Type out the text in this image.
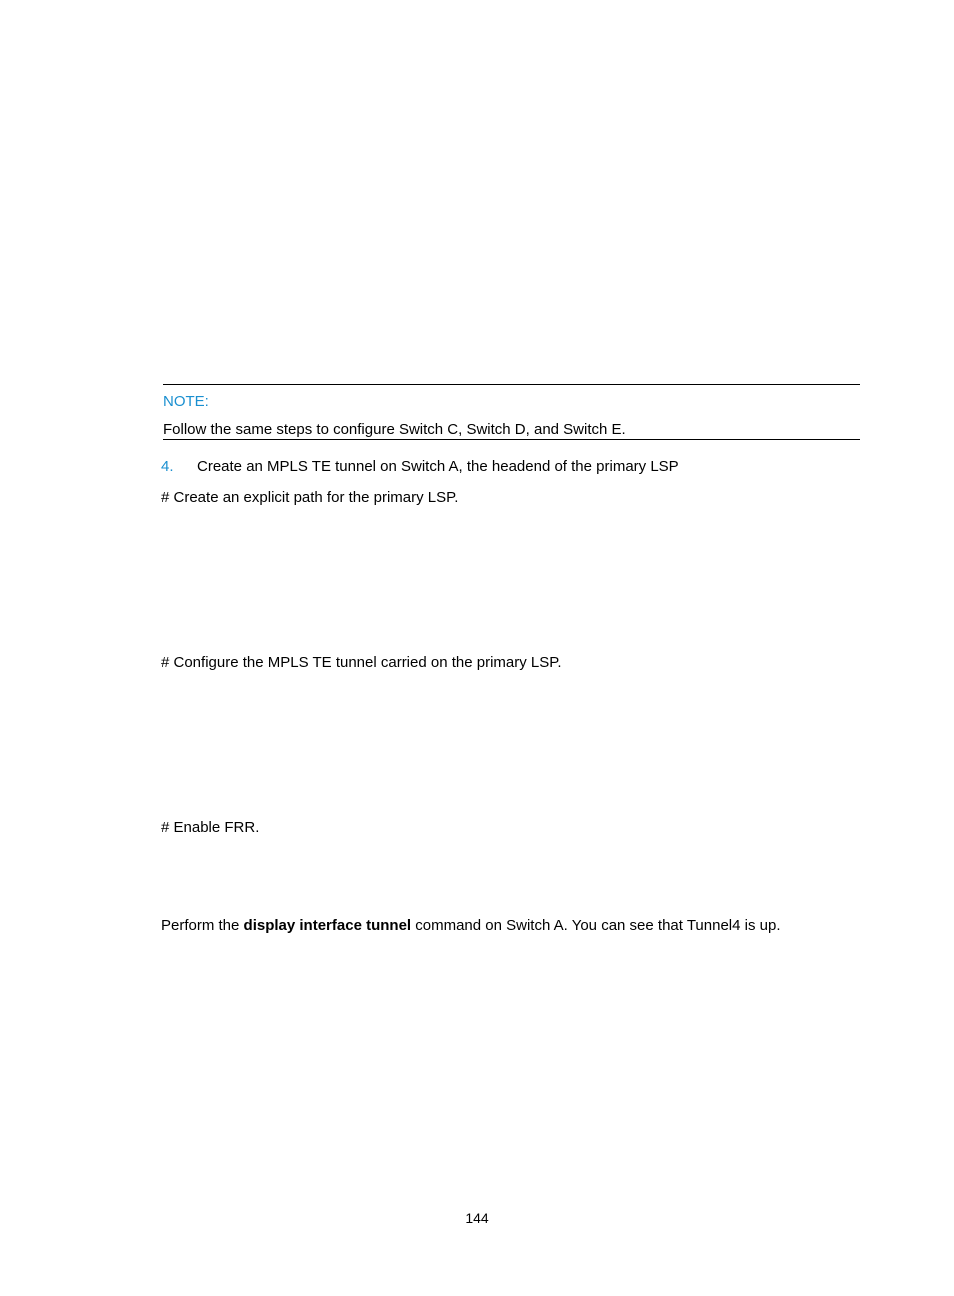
NOTE:
Follow the same steps to configure Switch C, Switch D, and Switch E.
4. Create an MPLS TE tunnel on Switch A, the headend of the primary LSP
# Create an explicit path for the primary LSP.
# Configure the MPLS TE tunnel carried on the primary LSP.
# Enable FRR.
Perform the display interface tunnel command on Switch A. You can see that Tunnel4 is up.
144
